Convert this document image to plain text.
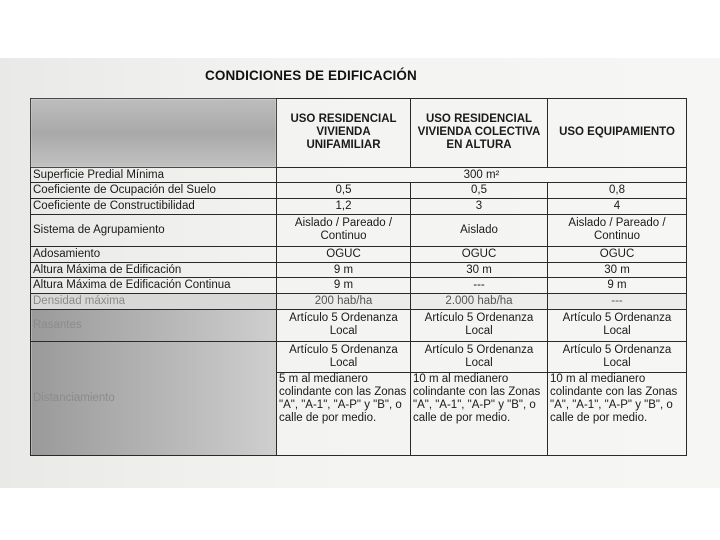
CONDICIONES DE EDIFICACIÓN
	USO RESIDENCIAL VIVIENDA UNIFAMILIAR	USO RESIDENCIAL VIVIENDA COLECTIVA EN ALTURA	USO EQUIPAMIENTO
Superficie Predial Mínima	300 m²		
Coeficiente de Ocupación del Suelo	0,5	0,5	0,8
Coeficiente de Constructibilidad	1,2	3	4
Sistema de Agrupamiento	Aislado / Pareado / Continuo	Aislado	Aislado / Pareado / Continuo
Adosamiento	OGUC	OGUC	OGUC
Altura Máxima de Edificación	9 m	30 m	30 m
Altura Máxima de Edificación Continua	9 m	---	9 m
Densidad máxima	200 hab/ha	2.000 hab/ha	---
Rasantes	Artículo 5 Ordenanza Local	Artículo 5 Ordenanza Local	Artículo 5 Ordenanza Local
Distanciamiento	Artículo 5 Ordenanza Local	Artículo 5 Ordenanza Local	Artículo 5 Ordenanza Local
	5 m al medianero colindante con las Zonas "A", "A-1", "A-P" y "B", o calle de por medio.	10 m al medianero colindante con las Zonas "A", "A-1", "A-P" y "B", o calle de por medio.	10 m al medianero colindante con las Zonas "A", "A-1", "A-P" y "B", o calle de por medio.
